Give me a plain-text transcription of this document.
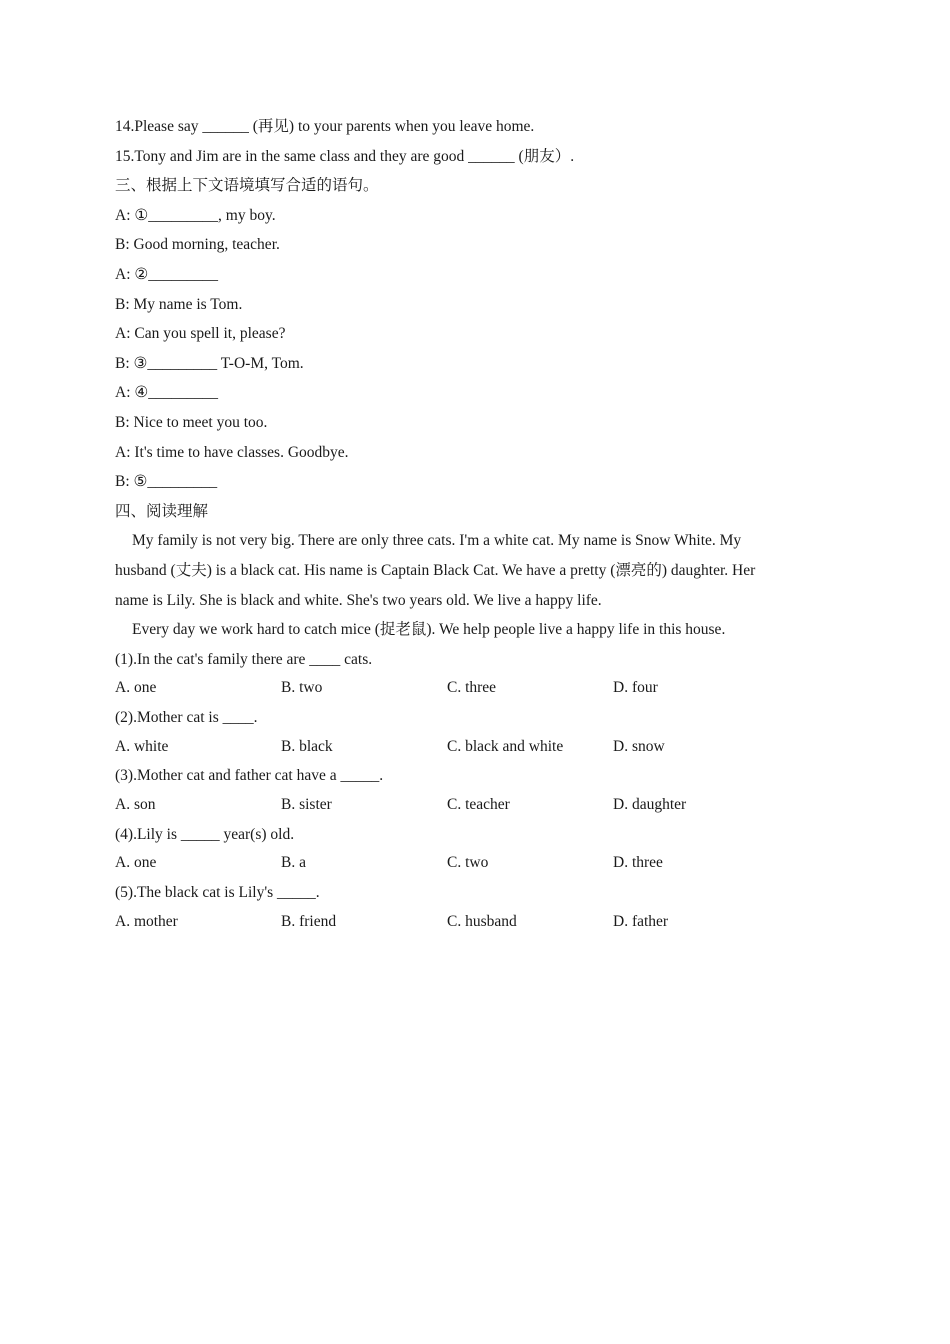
14.Please say ______ (再见) to your parents when you leave home.
15.Tony and Jim are in the same class and they are good ______ (朋友）.
三、根据上下文语境填写合适的语句。
A: ①_________, my boy.
B: Good morning, teacher.
A: ②_________
B: My name is Tom.
A: Can you spell it, please?
B: ③_________ T-O-M, Tom.
A: ④_________
B: Nice to meet you too.
A: It's time to have classes. Goodbye.
B: ⑤_________
四、阅读理解
My family is not very big. There are only three cats. I'm a white cat. My name is Snow White. My
husband (丈夫) is a black cat. His name is Captain Black Cat. We have a pretty (漂亮的) daughter. Her
name is Lily. She is black and white. She's two years old. We live a happy life.
Every day we work hard to catch mice (捉老鼠). We help people live a happy life in this house.
(1).In the cat's family there are ____ cats.
A. one	B. two	C. three	D. four
(2).Mother cat is ____.
A. white	B. black	C. black and white	D. snow
(3).Mother cat and father cat have a _____.
A. son	B. sister	C. teacher	D. daughter
(4).Lily is _____ year(s) old.
A. one	B. a	C. two	D. three
(5).The black cat is Lily's _____.
A. mother	B. friend	C. husband	D. father
